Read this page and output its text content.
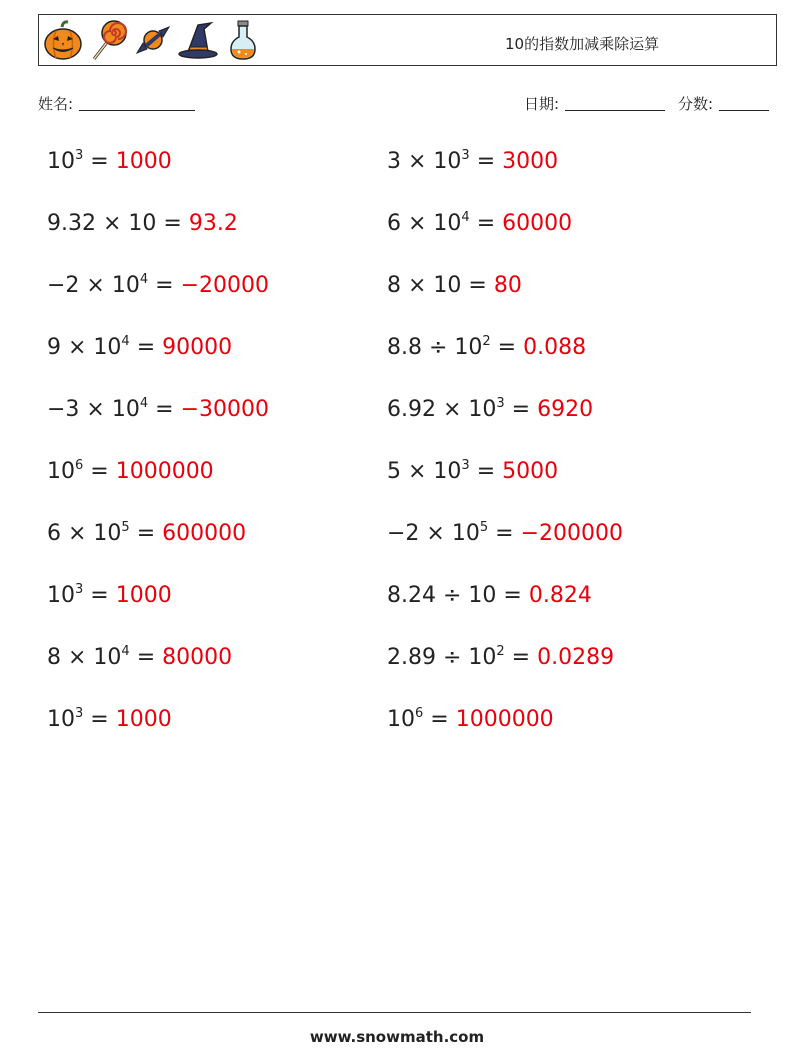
10的指数加减乘除运算
姓名:	日期:	分数:
$10^3 = 1000$	$3 \times 10^3 = 3000$
9.32 × 10 = 93.2	$6 \times 10^4 = 60000$
$-2 \times 10^4 = -20000$	8 × 10 = 80
$9 \times 10^4 = 90000$	$8.8 \div 10^2 = 0.088$
$-3 \times 10^4 = -30000$	$6.92 \times 10^3 = 6920$
$10^6 = 1000000$	$5 \times 10^3 = 5000$
$6 \times 10^5 = 600000$	$-2 \times 10^5 = -200000$
$10^3 = 1000$	8.24 ÷ 10 = 0.824
$8 \times 10^4 = 80000$	$2.89 \div 10^2 = 0.0289$
$10^3 = 1000$	$10^6 = 1000000$
www.snowmath.com
